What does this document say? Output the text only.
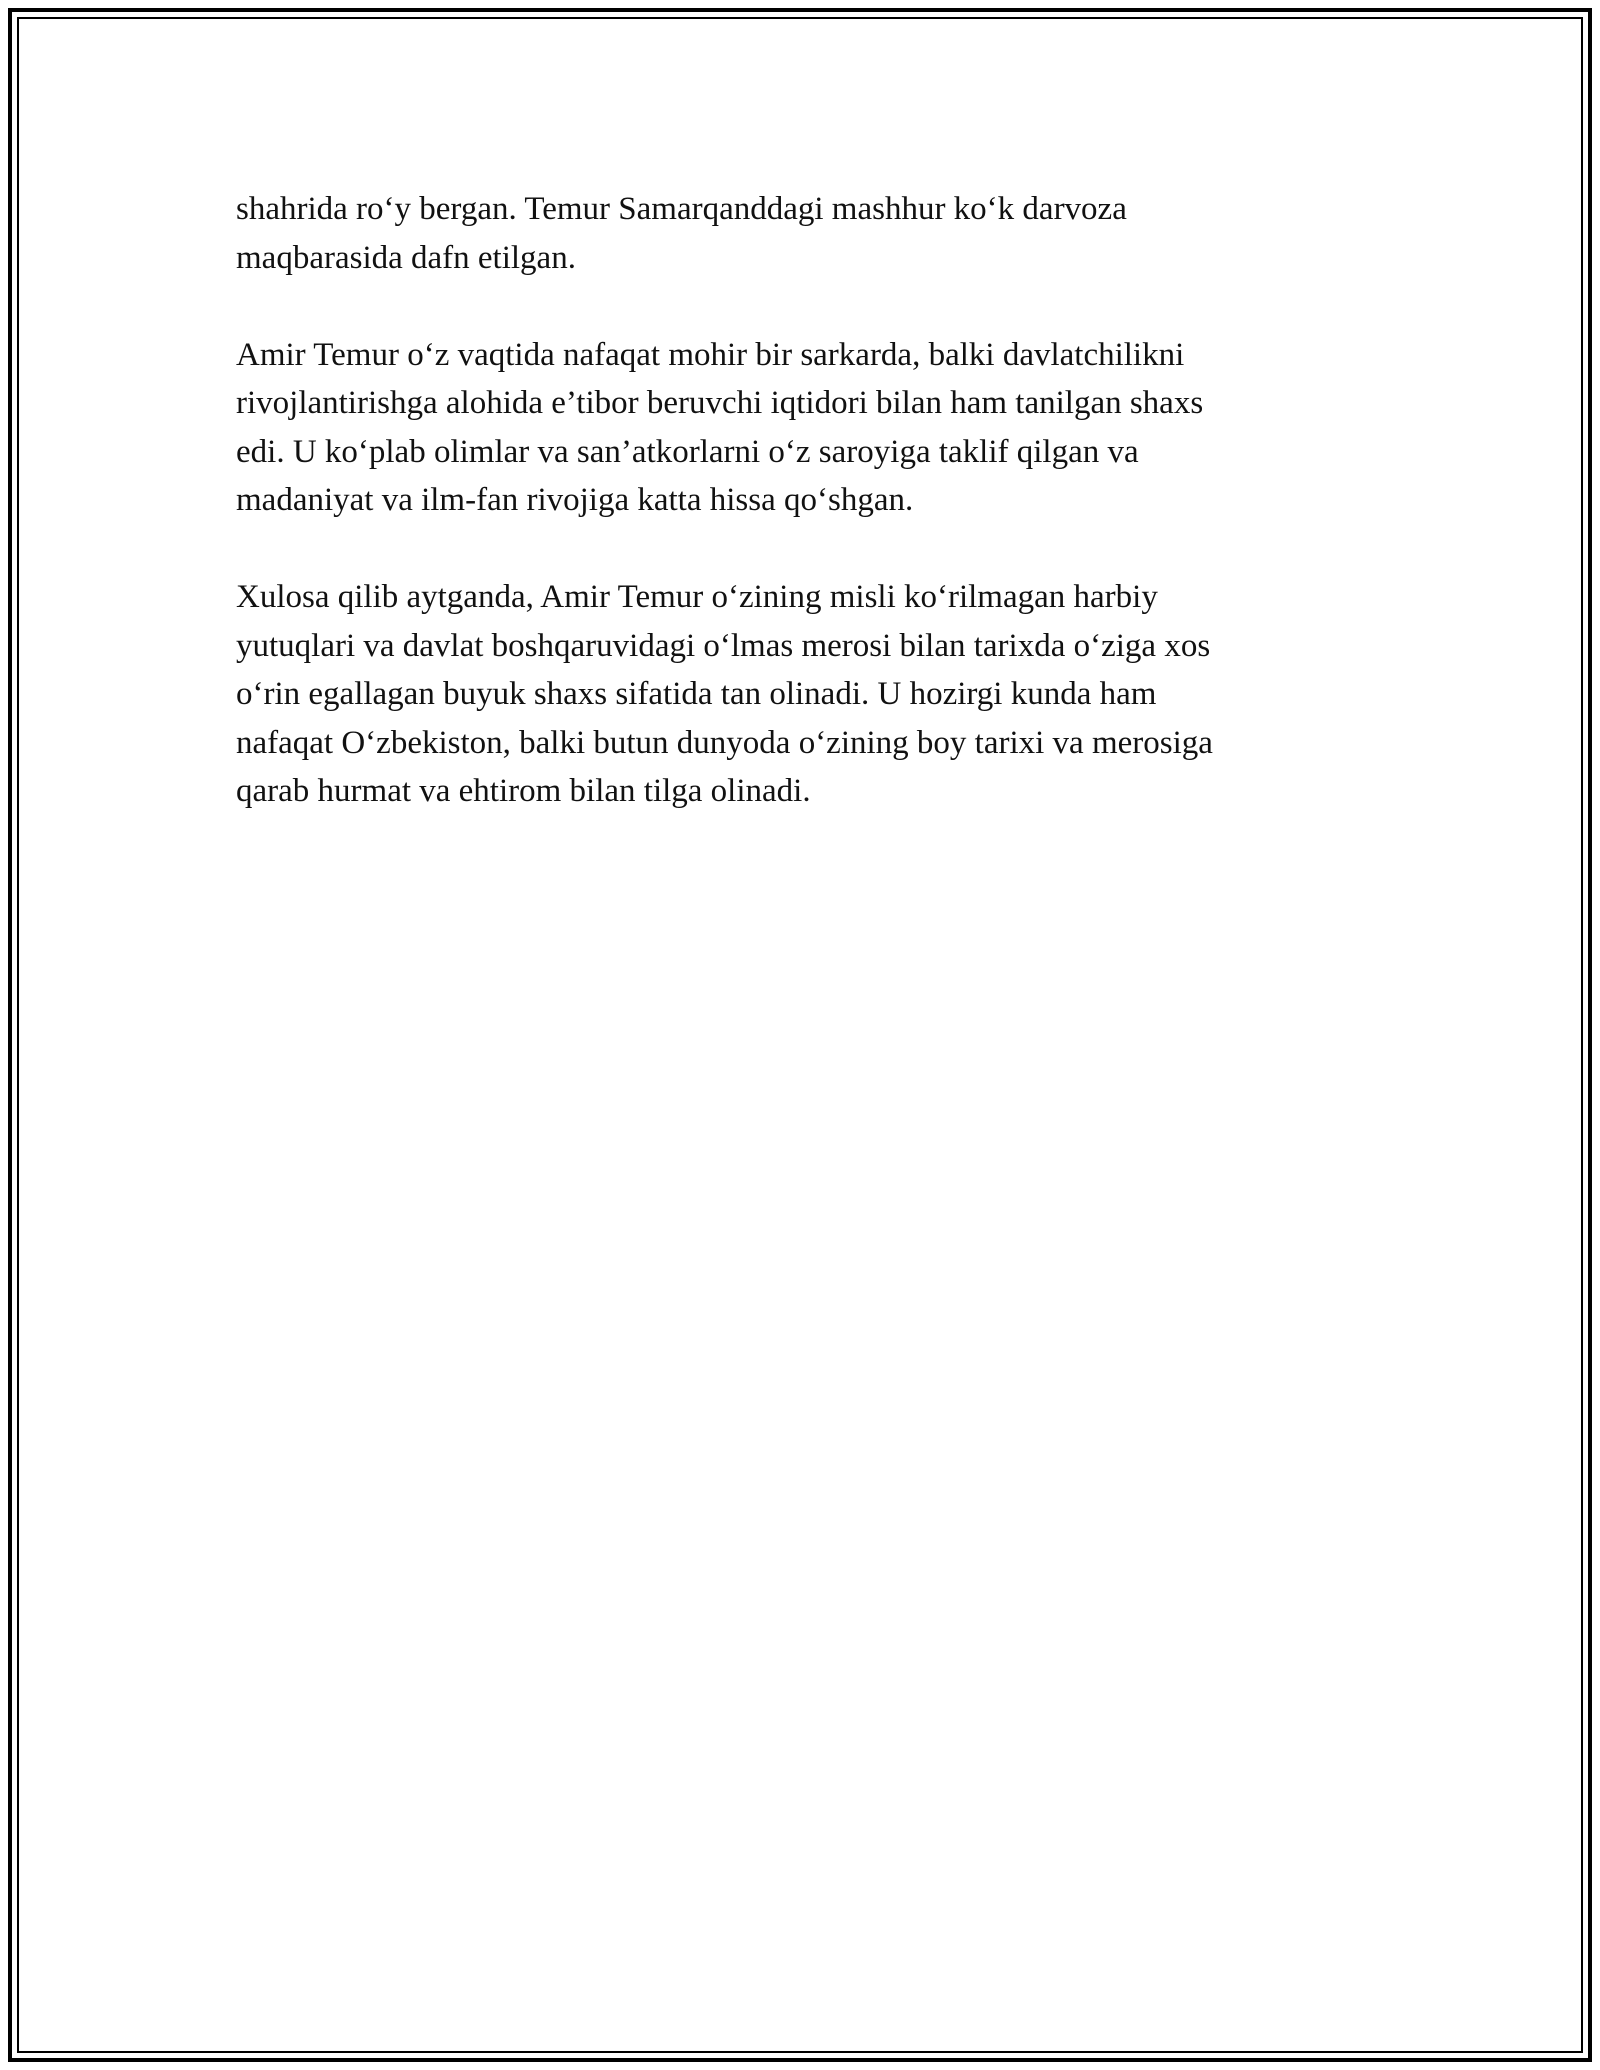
shahrida ro‘y bergan. Temur Samarqanddagi mashhur ko‘k darvoza
maqbarasida dafn etilgan.

Amir Temur o‘z vaqtida nafaqat mohir bir sarkarda, balki davlatchilikni
rivojlantirishga alohida e’tibor beruvchi iqtidori bilan ham tanilgan shaxs
edi. U ko‘plab olimlar va san’atkorlarni o‘z saroyiga taklif qilgan va
madaniyat va ilm-fan rivojiga katta hissa qo‘shgan.

Xulosa qilib aytganda, Amir Temur o‘zining misli ko‘rilmagan harbiy
yutuqlari va davlat boshqaruvidagi o‘lmas merosi bilan tarixda o‘ziga xos
o‘rin egallagan buyuk shaxs sifatida tan olinadi. U hozirgi kunda ham
nafaqat O‘zbekiston, balki butun dunyoda o‘zining boy tarixi va merosiga
qarab hurmat va ehtirom bilan tilga olinadi.
